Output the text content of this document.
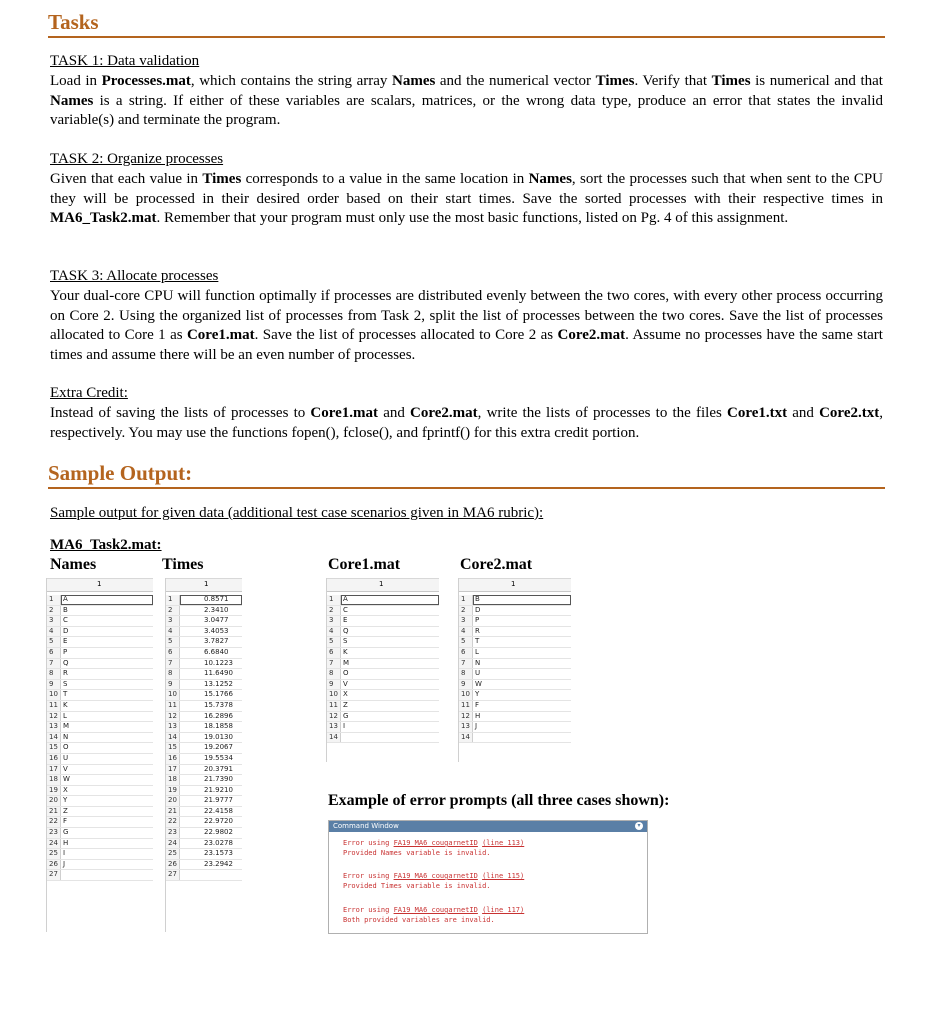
Tasks
TASK 1: Data validation
Load in Processes.mat, which contains the string array Names and the numerical vector Times. Verify that Times is numerical and that Names is a string. If either of these variables are scalars, matrices, or the wrong data type, produce an error that states the invalid variable(s) and terminate the program.
TASK 2: Organize processes
Given that each value in Times corresponds to a value in the same location in Names, sort the processes such that when sent to the CPU they will be processed in their desired order based on their start times. Save the sorted processes with their respective times in MA6_Task2.mat. Remember that your program must only use the most basic functions, listed on Pg. 4 of this assignment.
TASK 3: Allocate processes
Your dual-core CPU will function optimally if processes are distributed evenly between the two cores, with every other process occurring on Core 2. Using the organized list of processes from Task 2, split the list of processes between the two cores. Save the list of processes allocated to Core 1 as Core1.mat. Save the list of processes allocated to Core 2 as Core2.mat. Assume no processes have the same start times and assume there will be an even number of processes.
Extra Credit:
Instead of saving the lists of processes to Core1.mat and Core2.mat, write the lists of processes to the files Core1.txt and Core2.txt, respectively. You may use the functions fopen(), fclose(), and fprintf() for this extra credit portion.
Sample Output:
Sample output for given data (additional test case scenarios given in MA6 rubric):
MA6_Task2.mat:
Names	Times	Core1.mat	Core2.mat
1
1	A
2	B
3	C
4	D
5	E
6	P
7	Q
8	R
9	S
10 T
11 K
12 L
13 M
14 N
15 O
16 U
17 V
18 W
19 X
20 Y
21 Z
22 F
23 G
24 H
25 I
26 J
27
1
1	0.8571
2	2.3410
3	3.0477
4	3.4053
5	3.7827
6	6.6840
7	10.1223
8	11.6490
9	13.1252
10	15.1766
11	15.7378
12	16.2896
13	18.1858
14	19.0130
15	19.2067
16	19.5534
17	20.3791
18	21.7390
19	21.9210
20	21.9777
21	22.4158
22	22.9720
23	22.9802
24	23.0278
25	23.1573
26	23.2942
27
1
1	A
2	C
3	E
4	Q
5	S
6	K
7	M
8	O
9	V
10 X
11 Z
12 G
13 I
14
1
1	B
2	D
3	P
4	R
5	T
6	L
7	N
8	U
9	W
10 Y
11 F
12 H
13 J
14
Example of error prompts (all three cases shown):
Command Window	▾
Error using FA19_MA6_cougarnetID (line 113)
Provided Names variable is invalid.
Error using FA19_MA6_cougarnetID (line 115)
Provided Times variable is invalid.
Error using FA19_MA6_cougarnetID (line 117)
Both provided variables are invalid.
